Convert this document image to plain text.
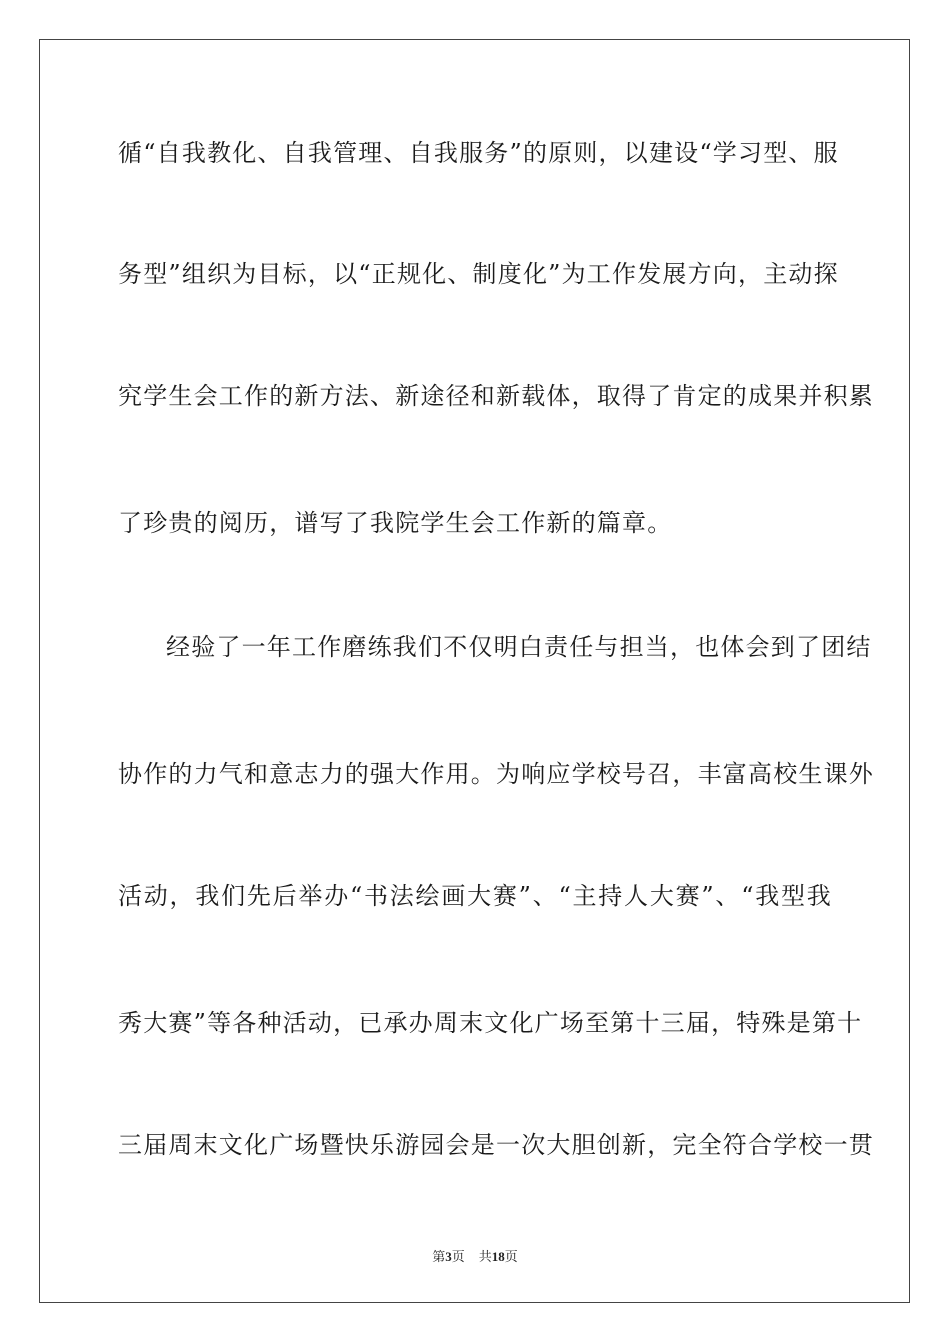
循“自我教化、自我管理、自我服务”的原则，以建设“学习型、服
务型”组织为目标，以“正规化、制度化”为工作发展方向，主动探
究学生会工作的新方法、新途径和新载体，取得了肯定的成果并积累
了珍贵的阅历，谱写了我院学生会工作新的篇章。
经验了一年工作磨练我们不仅明白责任与担当，也体会到了团结
协作的力气和意志力的强大作用。为响应学校号召，丰富高校生课外
活动，我们先后举办“书法绘画大赛”、“主持人大赛”、“我型我
秀大赛”等各种活动，已承办周末文化广场至第十三届，特殊是第十
三届周末文化广场暨快乐游园会是一次大胆创新，完全符合学校一贯
第3页 共18页
